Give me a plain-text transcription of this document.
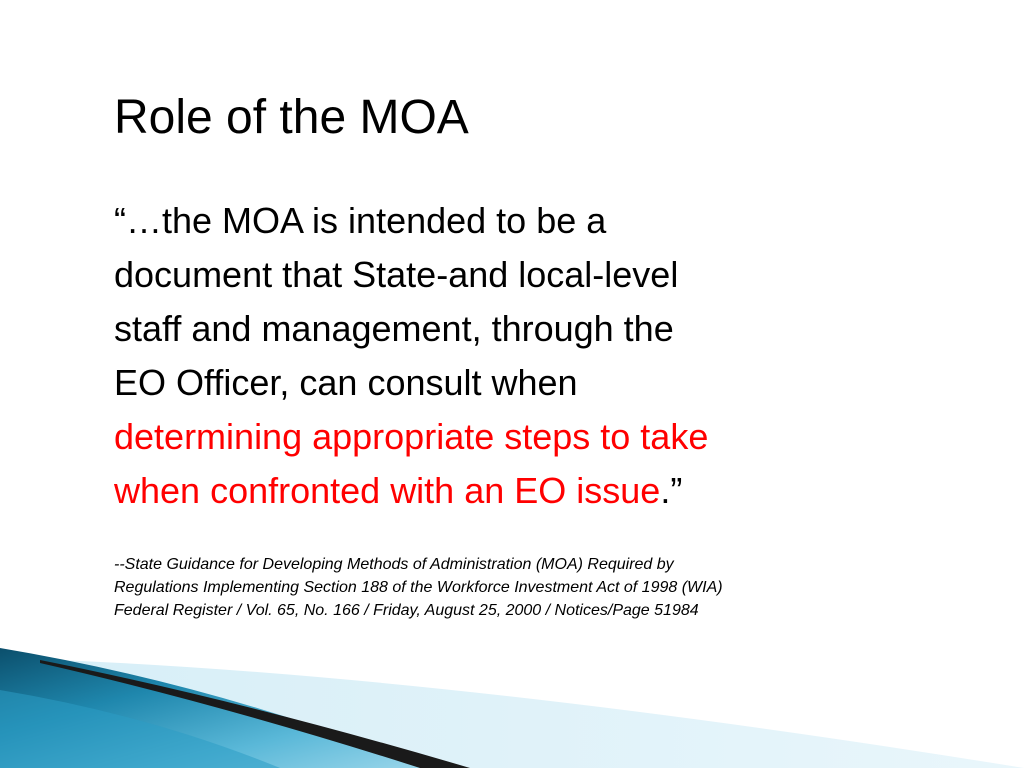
Role of the MOA
“…the MOA is intended to be a
document that State-and local-level
staff and management, through the
EO Officer, can consult when
determining appropriate steps to take
when confronted with an EO issue.”
--State Guidance for Developing Methods of Administration (MOA) Required by
Regulations Implementing Section 188 of the Workforce Investment Act of 1998 (WIA)
Federal Register / Vol. 65, No. 166 / Friday, August 25, 2000 / Notices/Page 51984
